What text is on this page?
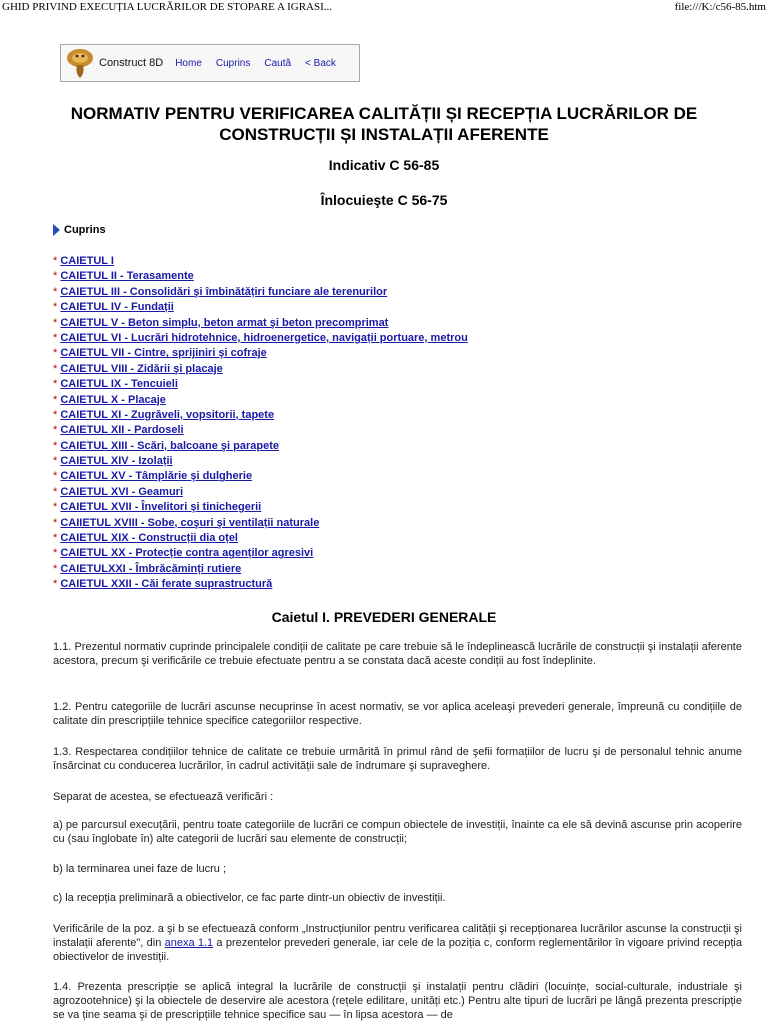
GHID PRIVIND EXECUȚIA LUCRĂRILOR DE STOPARE A IGRASI...	file:///K:/c56-85.htm
Construct 8D Home Cuprins Caută < Back
NORMATIV PENTRU VERIFICAREA CALITĂȚII ȘI RECEPȚIA LUCRĂRILOR DE
CONSTRUCȚII ȘI INSTALAȚII AFERENTE
Indicativ C 56-85
Înlocuieşte C 56-75
Cuprins
* CAIETUL I
* CAIETUL II - Terasamente
* CAIETUL III - Consolidări şi îmbinătățiri funciare ale terenurilor
* CAIETUL IV - Fundații
* CAIETUL V - Beton simplu, beton armat şi beton precomprimat
* CAIETUL VI - Lucrări hidrotehnice, hidroenergetice, navigații portuare, metrou
* CAIETUL VII - Cintre, sprijiniri şi cofraje
* CAIETUL VIII - Zidării şi placaje
* CAIETUL IX - Tencuieli
* CAIETUL X - Placaje
* CAIETUL XI - Zugrăveli, vopsitorii, tapete
* CAIETUL XII - Pardoseli
* CAIETUL XIII - Scări, balcoane şi parapete
* CAIETUL XIV - Izolații
* CAIETUL XV - Tâmplărie şi dulgherie
* CAIETUL XVI - Geamuri
* CAIETUL XVII - Învelitori şi tinichegerii
* CAIIETUL XVIII - Sobe, coşuri şi ventilații naturale
* CAIETUL XIX - Construcții dia oțel
* CAIETUL XX - Protecție contra agenților agresivi
* CAIETULXXI - Îmbrăcăminți rutiere
* CAIETUL XXII - Căi ferate suprastructură
Caietul I. PREVEDERI GENERALE

1.1. Prezentul normativ cuprinde principalele condiții de calitate pe care trebuie să le îndeplinească lucrările de construcții şi instalații aferente acestora, precum şi verificările ce trebuie efectuate pentru a se constata dacă aceste condiții au fost îndeplinite.

1.2. Pentru categoriile de lucrări ascunse necuprinse în acest normativ, se vor aplica aceleaşi prevederi generale, împreună cu condițiile de calitate din prescripțiile tehnice specifice categoriilor respective.

1.3. Respectarea condițiilor tehnice de calitate ce trebuie urmărită în primul rând de şefii formațiilor de lucru şi de personalul tehnic anume însărcinat cu conducerea lucrărilor, în cadrul activității sale de îndrumare şi supraveghere.

Separat de acestea, se efectuează verificări :

a) pe parcursul execuțării, pentru toate categoriile de lucrări ce compun obiectele de investiții, înainte ca ele să devină ascunse prin acoperire cu (sau înglobate în) alte categorii de lucrări sau elemente de construcții;

b) la terminarea unei faze de lucru ;

c) la recepția preliminară a obiectivelor, ce fac parte dintr-un obiectiv de investiții.

Verificările de la poz. a şi b se efectuează conform „Instrucțiunilor pentru verificarea calității şi recepționarea lucrărilor ascunse la construcții şi instalații aferente", din anexa 1.1 a prezentelor prevederi generale, iar cele de la poziția c, conform reglementărilor în vigoare privind recepția obiectivelor de investiții.

1.4. Prezenta prescripție se aplică integral la lucrările de construcții şi instalații pentru clădiri (locuințe, social-culturale, industriale şi agrozootehnice) şi la obiectele de deservire ale acestora (rețele edilitare, unități etc.) Pentru alte tipuri de lucrări pe lângă prezenta prescripție se va ține seama şi de prescripțiile tehnice specifice sau — în lipsa acestora — de
